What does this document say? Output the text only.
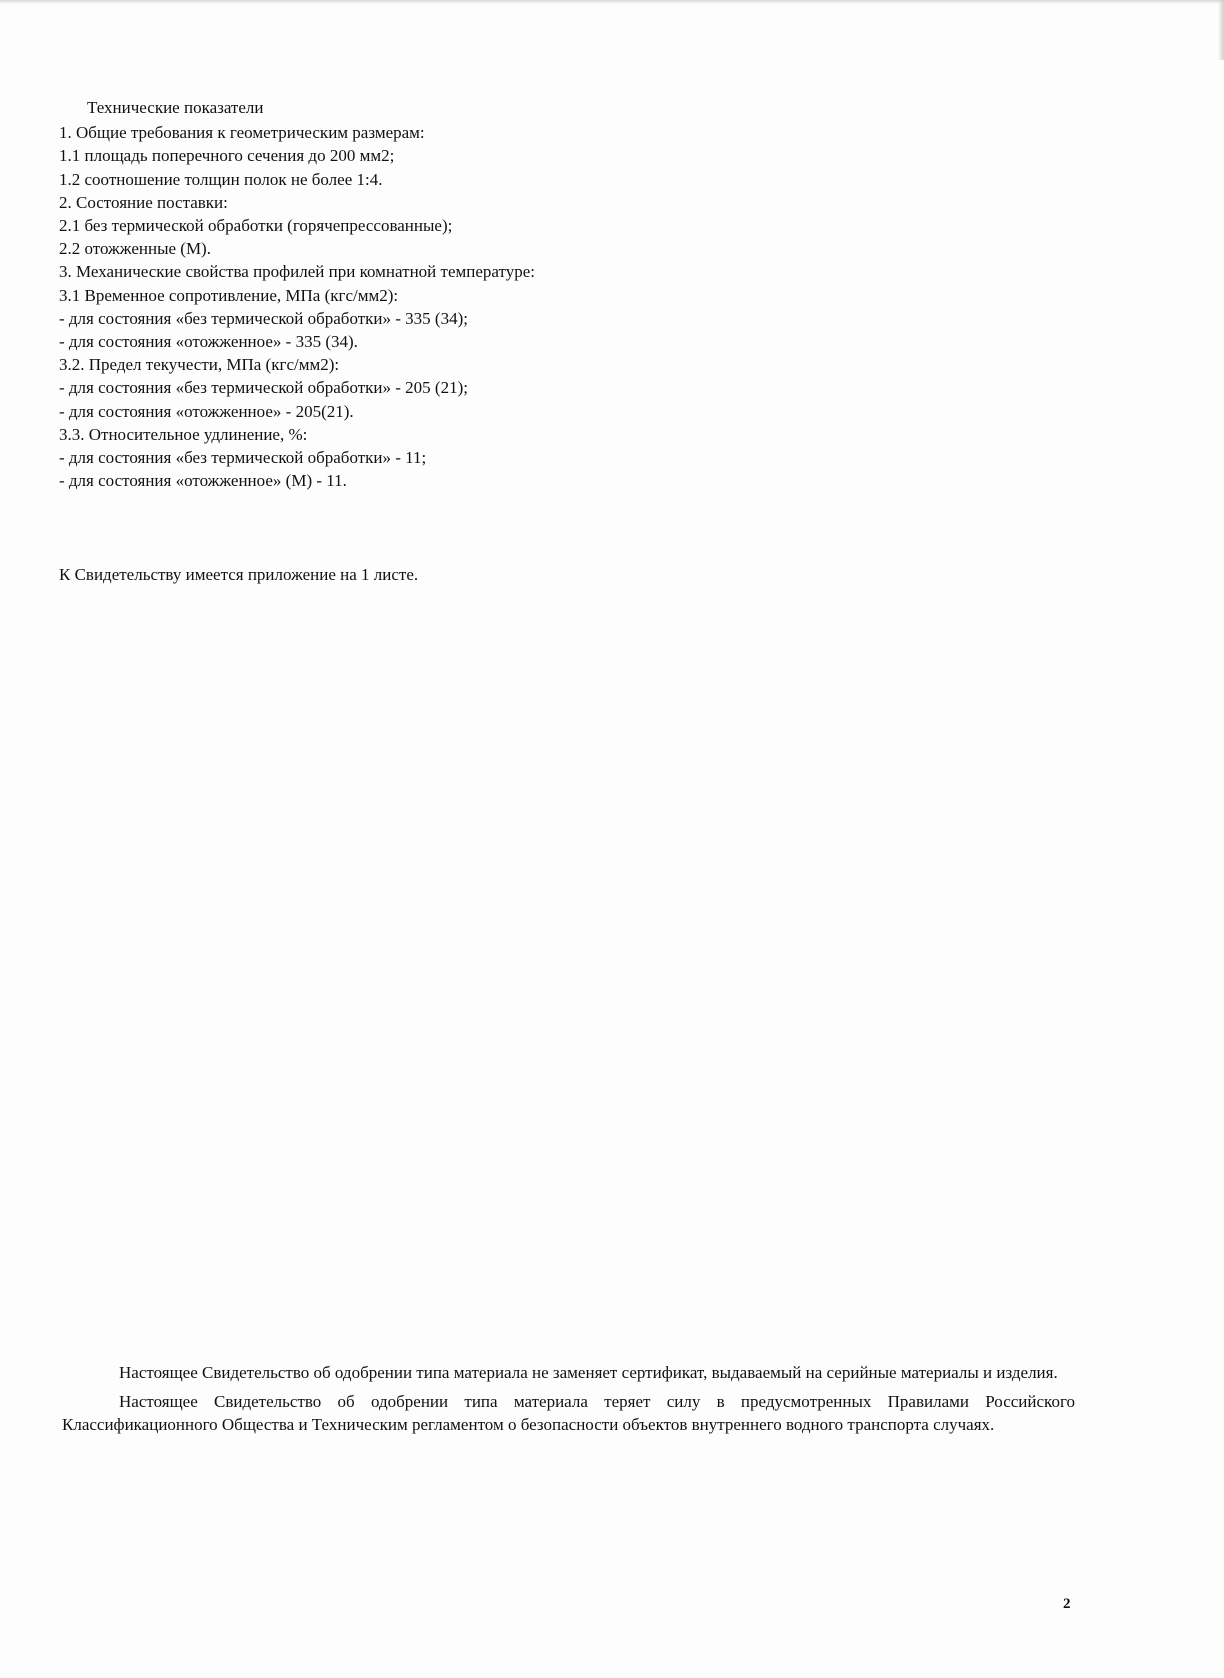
Технические показатели

1. Общие требования к геометрическим размерам:

1.1 площадь поперечного сечения до 200 мм2;

1.2 соотношение толщин полок не более 1:4.

2. Состояние поставки:

2.1 без термической обработки (горячепрессованные);

2.2 отожженные (М).

3. Механические свойства профилей при комнатной температуре:

3.1 Временное сопротивление, МПа (кгс/мм2):

- для состояния «без термической обработки» - 335 (34);

- для состояния «отожженное» - 335 (34).

3.2. Предел текучести, МПа (кгс/мм2):

- для состояния «без термической обработки» - 205 (21);

- для состояния «отожженное» - 205(21).

3.3. Относительное удлинение, %:

- для состояния «без термической обработки» - 11;

- для состояния «отожженное» (М) - 11.

К Свидетельству имеется приложение на 1 листе.

Настоящее Свидетельство об одобрении типа материала не заменяет сертификат, выдаваемый на серийные материалы и изделия.

Настоящее Свидетельство об одобрении типа материала теряет силу в предусмотренных Правилами Российского Классификационного Общества и Техническим регламентом о безопасности объектов внутреннего водного транспорта случаях.

2
